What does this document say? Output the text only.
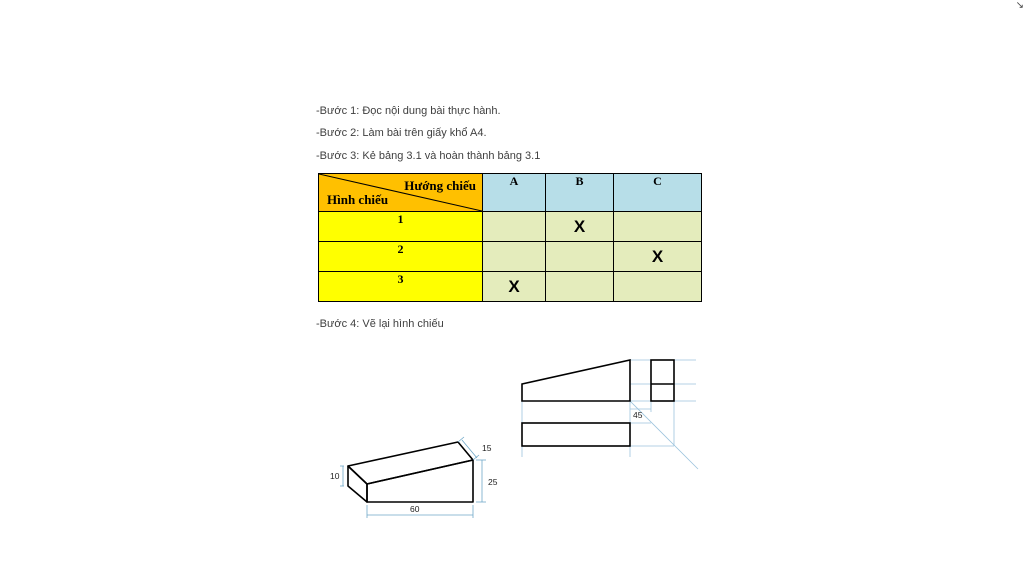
-Bước 1: Đọc nội dung bài thực hành.
-Bước 2: Làm bài trên giấy khổ A4.
-Bước 3: Kẻ bảng 3.1 và hoàn thành bảng 3.1
Hướng chiếu
Hình chiếu	A	B	C
1		X	
2			X
3	X		
-Bước 4: Vẽ lại hình chiếu
15
10
25
60
45
↘
